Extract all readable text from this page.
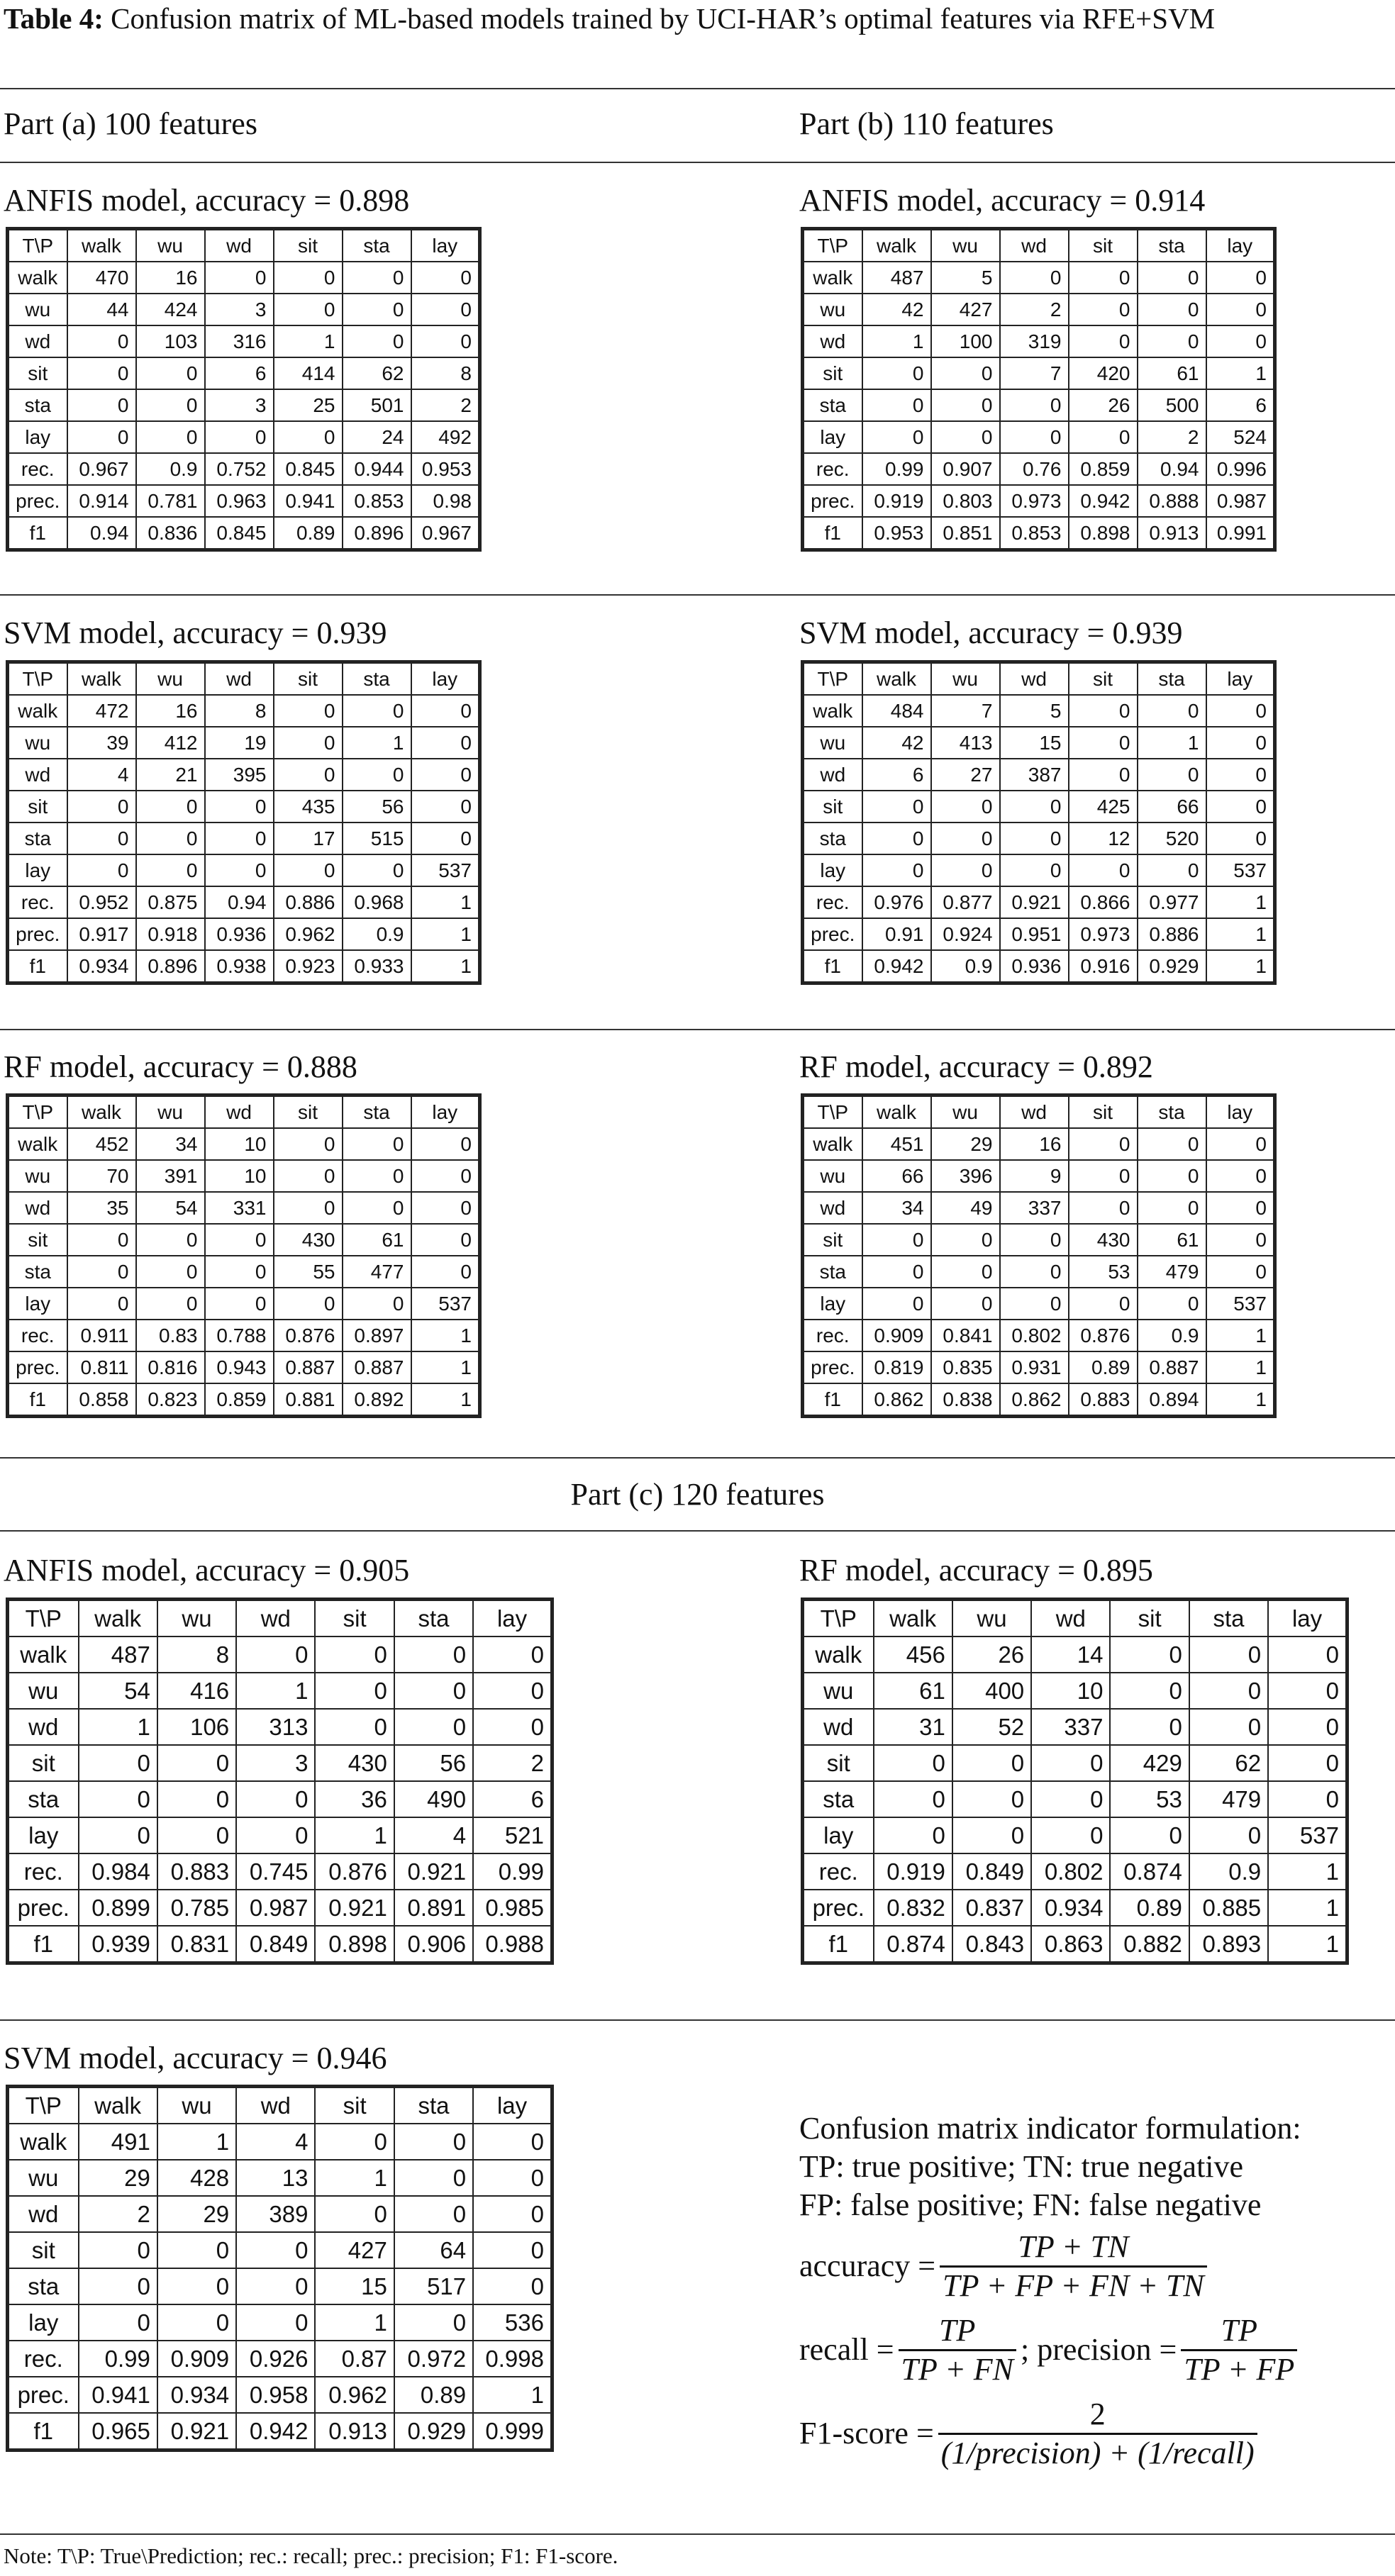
Table 4: Confusion matrix of ML-based models trained by UCI-HAR’s optimal features via RFE+SVM
Part (a) 100 features	Part (b) 110 features
ANFIS model, accuracy = 0.898
T\P	walk	wu	wd	sit	sta	lay
walk	470	16	0	0	0	0
wu	44	424	3	0	0	0
wd	0	103	316	1	0	0
sit	0	0	6	414	62	8
sta	0	0	3	25	501	2
lay	0	0	0	0	24	492
rec.	0.967	0.9	0.752	0.845	0.944	0.953
prec.	0.914	0.781	0.963	0.941	0.853	0.98
f1	0.94	0.836	0.845	0.89	0.896	0.967
ANFIS model, accuracy = 0.914
T\P	walk	wu	wd	sit	sta	lay
walk	487	5	0	0	0	0
wu	42	427	2	0	0	0
wd	1	100	319	0	0	0
sit	0	0	7	420	61	1
sta	0	0	0	26	500	6
lay	0	0	0	0	2	524
rec.	0.99	0.907	0.76	0.859	0.94	0.996
prec.	0.919	0.803	0.973	0.942	0.888	0.987
f1	0.953	0.851	0.853	0.898	0.913	0.991
SVM model, accuracy = 0.939
T\P	walk	wu	wd	sit	sta	lay
walk	472	16	8	0	0	0
wu	39	412	19	0	1	0
wd	4	21	395	0	0	0
sit	0	0	0	435	56	0
sta	0	0	0	17	515	0
lay	0	0	0	0	0	537
rec.	0.952	0.875	0.94	0.886	0.968	1
prec.	0.917	0.918	0.936	0.962	0.9	1
f1	0.934	0.896	0.938	0.923	0.933	1
SVM model, accuracy = 0.939
T\P	walk	wu	wd	sit	sta	lay
walk	484	7	5	0	0	0
wu	42	413	15	0	1	0
wd	6	27	387	0	0	0
sit	0	0	0	425	66	0
sta	0	0	0	12	520	0
lay	0	0	0	0	0	537
rec.	0.976	0.877	0.921	0.866	0.977	1
prec.	0.91	0.924	0.951	0.973	0.886	1
f1	0.942	0.9	0.936	0.916	0.929	1
RF model, accuracy = 0.888
T\P	walk	wu	wd	sit	sta	lay
walk	452	34	10	0	0	0
wu	70	391	10	0	0	0
wd	35	54	331	0	0	0
sit	0	0	0	430	61	0
sta	0	0	0	55	477	0
lay	0	0	0	0	0	537
rec.	0.911	0.83	0.788	0.876	0.897	1
prec.	0.811	0.816	0.943	0.887	0.887	1
f1	0.858	0.823	0.859	0.881	0.892	1
RF model, accuracy = 0.892
T\P	walk	wu	wd	sit	sta	lay
walk	451	29	16	0	0	0
wu	66	396	9	0	0	0
wd	34	49	337	0	0	0
sit	0	0	0	430	61	0
sta	0	0	0	53	479	0
lay	0	0	0	0	0	537
rec.	0.909	0.841	0.802	0.876	0.9	1
prec.	0.819	0.835	0.931	0.89	0.887	1
f1	0.862	0.838	0.862	0.883	0.894	1
Part (c) 120 features
ANFIS model, accuracy = 0.905
T\P	walk	wu	wd	sit	sta	lay
walk	487	8	0	0	0	0
wu	54	416	1	0	0	0
wd	1	106	313	0	0	0
sit	0	0	3	430	56	2
sta	0	0	0	36	490	6
lay	0	0	0	1	4	521
rec.	0.984	0.883	0.745	0.876	0.921	0.99
prec.	0.899	0.785	0.987	0.921	0.891	0.985
f1	0.939	0.831	0.849	0.898	0.906	0.988
RF model, accuracy = 0.895
T\P	walk	wu	wd	sit	sta	lay
walk	456	26	14	0	0	0
wu	61	400	10	0	0	0
wd	31	52	337	0	0	0
sit	0	0	0	429	62	0
sta	0	0	0	53	479	0
lay	0	0	0	0	0	537
rec.	0.919	0.849	0.802	0.874	0.9	1
prec.	0.832	0.837	0.934	0.89	0.885	1
f1	0.874	0.843	0.863	0.882	0.893	1
SVM model, accuracy = 0.946
T\P	walk	wu	wd	sit	sta	lay
walk	491	1	4	0	0	0
wu	29	428	13	1	0	0
wd	2	29	389	0	0	0
sit	0	0	0	427	64	0
sta	0	0	0	15	517	0
lay	0	0	0	1	0	536
rec.	0.99	0.909	0.926	0.87	0.972	0.998
prec.	0.941	0.934	0.958	0.962	0.89	1
f1	0.965	0.921	0.942	0.913	0.929	0.999
Confusion matrix indicator formulation:
TP: true positive; TN: true negative
FP: false positive; FN: false negative
accuracy = $\frac{TP + TN}{TP + FP + FN + TN}$
recall = $\frac{TP}{TP + FN}$ ; precision = $\frac{TP}{TP + FP}$
F1-score = $\frac{2}{\text{(1/precision) + (1/recall)}}$
Note: T\P: True\Prediction; rec.: recall; prec.: precision; F1: F1-score.
